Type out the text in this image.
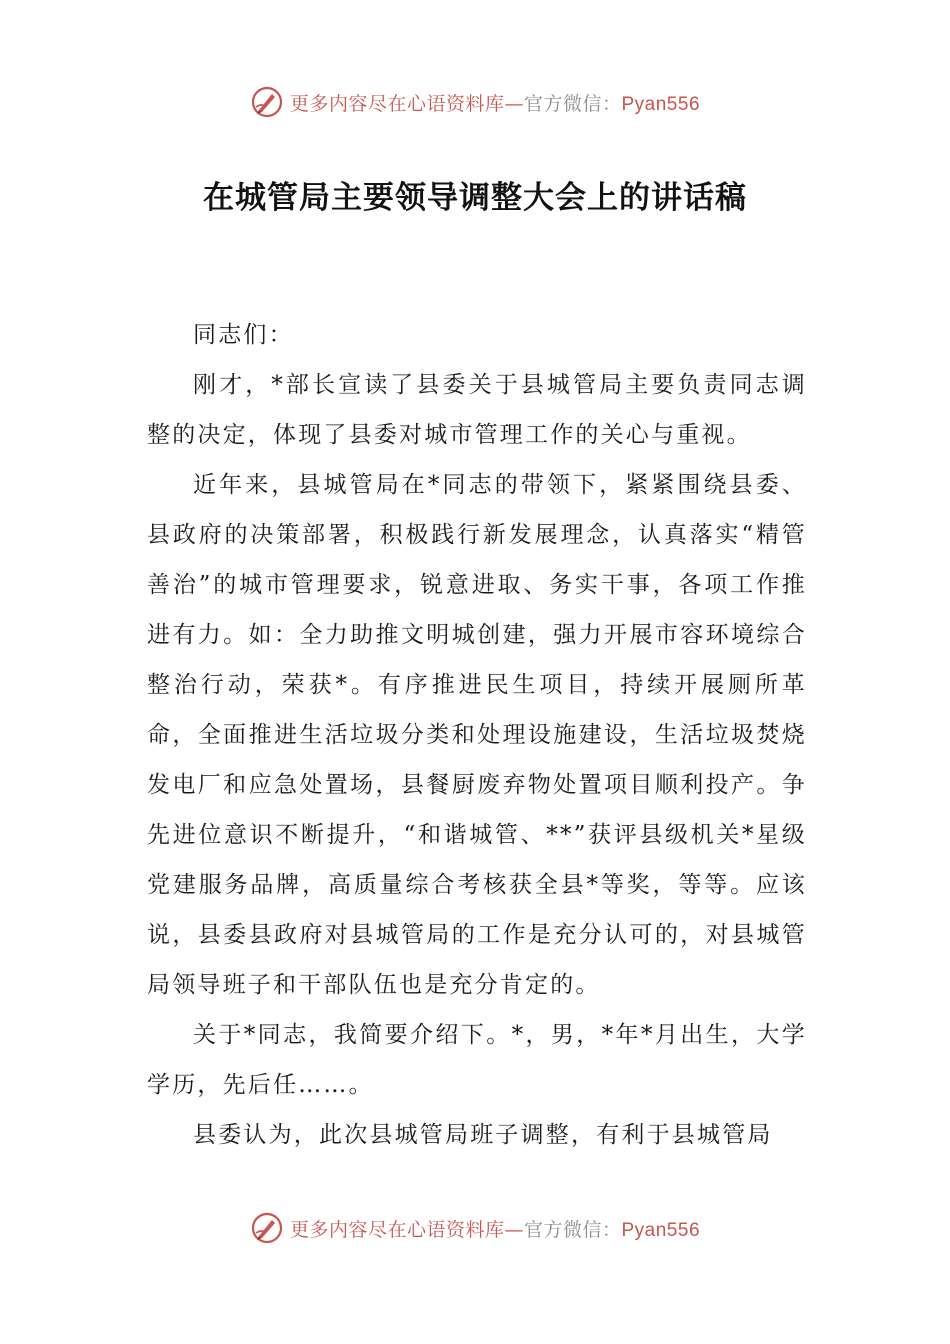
更多内容尽在心语资料库—官方微信：Pyan556
在城管局主要领导调整大会上的讲话稿

同志们：

刚才，*部长宣读了县委关于县城管局主要负责同志调整的决定，体现了县委对城市管理工作的关心与重视。

近年来，县城管局在*同志的带领下，紧紧围绕县委、县政府的决策部署，积极践行新发展理念，认真落实“精管善治”的城市管理要求，锐意进取、务实干事，各项工作推进有力。如：全力助推文明城创建，强力开展市容环境综合整治行动，荣获*。有序推进民生项目，持续开展厕所革命，全面推进生活垃圾分类和处理设施建设，生活垃圾焚烧发电厂和应急处置场，县餐厨废弃物处置项目顺利投产。争先进位意识不断提升，“和谐城管、**”获评县级机关*星级党建服务品牌，高质量综合考核获全县*等奖，等等。应该说，县委县政府对县城管局的工作是充分认可的，对县城管局领导班子和干部队伍也是充分肯定的。

关于*同志，我简要介绍下。*，男，*年*月出生，大学学历，先后任……。

县委认为，此次县城管局班子调整，有利于县城管局

更多内容尽在心语资料库—官方微信：Pyan556
